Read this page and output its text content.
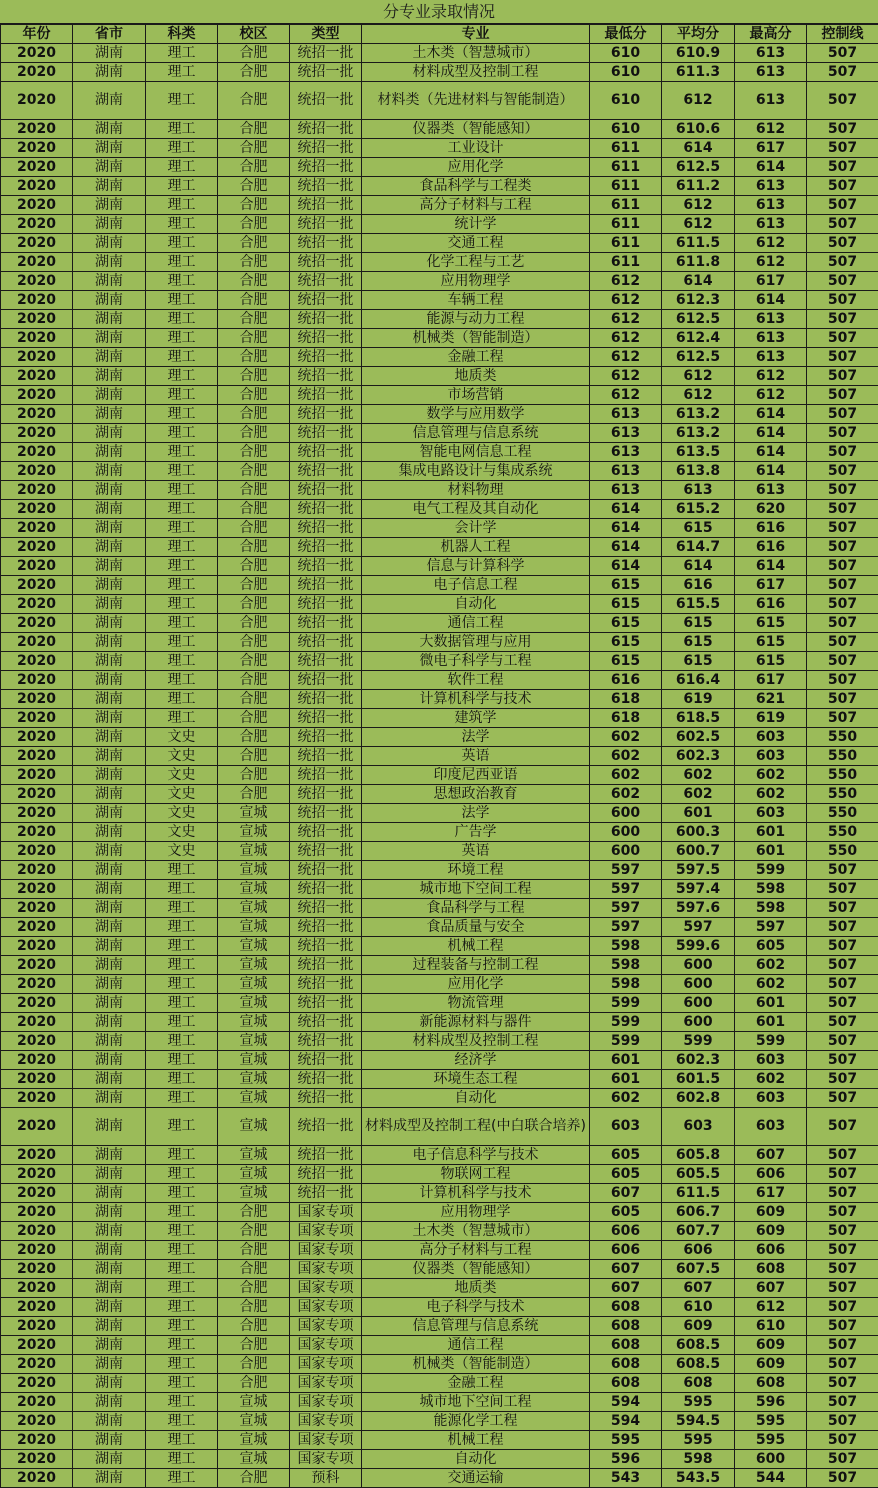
分专业录取情况
年份	省市	科类	校区	类型	专业	最低分	平均分	最高分	控制线
2020	湖南	理工	合肥	统招一批	土木类（智慧城市）	610	610.9	613	507
2020	湖南	理工	合肥	统招一批	材料成型及控制工程	610	611.3	613	507
2020	湖南	理工	合肥	统招一批	材料类（先进材料与智能制造）	610	612	613	507
2020	湖南	理工	合肥	统招一批	仪器类（智能感知）	610	610.6	612	507
2020	湖南	理工	合肥	统招一批	工业设计	611	614	617	507
2020	湖南	理工	合肥	统招一批	应用化学	611	612.5	614	507
2020	湖南	理工	合肥	统招一批	食品科学与工程类	611	611.2	613	507
2020	湖南	理工	合肥	统招一批	高分子材料与工程	611	612	613	507
2020	湖南	理工	合肥	统招一批	统计学	611	612	613	507
2020	湖南	理工	合肥	统招一批	交通工程	611	611.5	612	507
2020	湖南	理工	合肥	统招一批	化学工程与工艺	611	611.8	612	507
2020	湖南	理工	合肥	统招一批	应用物理学	612	614	617	507
2020	湖南	理工	合肥	统招一批	车辆工程	612	612.3	614	507
2020	湖南	理工	合肥	统招一批	能源与动力工程	612	612.5	613	507
2020	湖南	理工	合肥	统招一批	机械类（智能制造）	612	612.4	613	507
2020	湖南	理工	合肥	统招一批	金融工程	612	612.5	613	507
2020	湖南	理工	合肥	统招一批	地质类	612	612	612	507
2020	湖南	理工	合肥	统招一批	市场营销	612	612	612	507
2020	湖南	理工	合肥	统招一批	数学与应用数学	613	613.2	614	507
2020	湖南	理工	合肥	统招一批	信息管理与信息系统	613	613.2	614	507
2020	湖南	理工	合肥	统招一批	智能电网信息工程	613	613.5	614	507
2020	湖南	理工	合肥	统招一批	集成电路设计与集成系统	613	613.8	614	507
2020	湖南	理工	合肥	统招一批	材料物理	613	613	613	507
2020	湖南	理工	合肥	统招一批	电气工程及其自动化	614	615.2	620	507
2020	湖南	理工	合肥	统招一批	会计学	614	615	616	507
2020	湖南	理工	合肥	统招一批	机器人工程	614	614.7	616	507
2020	湖南	理工	合肥	统招一批	信息与计算科学	614	614	614	507
2020	湖南	理工	合肥	统招一批	电子信息工程	615	616	617	507
2020	湖南	理工	合肥	统招一批	自动化	615	615.5	616	507
2020	湖南	理工	合肥	统招一批	通信工程	615	615	615	507
2020	湖南	理工	合肥	统招一批	大数据管理与应用	615	615	615	507
2020	湖南	理工	合肥	统招一批	微电子科学与工程	615	615	615	507
2020	湖南	理工	合肥	统招一批	软件工程	616	616.4	617	507
2020	湖南	理工	合肥	统招一批	计算机科学与技术	618	619	621	507
2020	湖南	理工	合肥	统招一批	建筑学	618	618.5	619	507
2020	湖南	文史	合肥	统招一批	法学	602	602.5	603	550
2020	湖南	文史	合肥	统招一批	英语	602	602.3	603	550
2020	湖南	文史	合肥	统招一批	印度尼西亚语	602	602	602	550
2020	湖南	文史	合肥	统招一批	思想政治教育	602	602	602	550
2020	湖南	文史	宣城	统招一批	法学	600	601	603	550
2020	湖南	文史	宣城	统招一批	广告学	600	600.3	601	550
2020	湖南	文史	宣城	统招一批	英语	600	600.7	601	550
2020	湖南	理工	宣城	统招一批	环境工程	597	597.5	599	507
2020	湖南	理工	宣城	统招一批	城市地下空间工程	597	597.4	598	507
2020	湖南	理工	宣城	统招一批	食品科学与工程	597	597.6	598	507
2020	湖南	理工	宣城	统招一批	食品质量与安全	597	597	597	507
2020	湖南	理工	宣城	统招一批	机械工程	598	599.6	605	507
2020	湖南	理工	宣城	统招一批	过程装备与控制工程	598	600	602	507
2020	湖南	理工	宣城	统招一批	应用化学	598	600	602	507
2020	湖南	理工	宣城	统招一批	物流管理	599	600	601	507
2020	湖南	理工	宣城	统招一批	新能源材料与器件	599	600	601	507
2020	湖南	理工	宣城	统招一批	材料成型及控制工程	599	599	599	507
2020	湖南	理工	宣城	统招一批	经济学	601	602.3	603	507
2020	湖南	理工	宣城	统招一批	环境生态工程	601	601.5	602	507
2020	湖南	理工	宣城	统招一批	自动化	602	602.8	603	507
2020	湖南	理工	宣城	统招一批	材料成型及控制工程(中白联合培养)	603	603	603	507
2020	湖南	理工	宣城	统招一批	电子信息科学与技术	605	605.8	607	507
2020	湖南	理工	宣城	统招一批	物联网工程	605	605.5	606	507
2020	湖南	理工	宣城	统招一批	计算机科学与技术	607	611.5	617	507
2020	湖南	理工	合肥	国家专项	应用物理学	605	606.7	609	507
2020	湖南	理工	合肥	国家专项	土木类（智慧城市）	606	607.7	609	507
2020	湖南	理工	合肥	国家专项	高分子材料与工程	606	606	606	507
2020	湖南	理工	合肥	国家专项	仪器类（智能感知）	607	607.5	608	507
2020	湖南	理工	合肥	国家专项	地质类	607	607	607	507
2020	湖南	理工	合肥	国家专项	电子科学与技术	608	610	612	507
2020	湖南	理工	合肥	国家专项	信息管理与信息系统	608	609	610	507
2020	湖南	理工	合肥	国家专项	通信工程	608	608.5	609	507
2020	湖南	理工	合肥	国家专项	机械类（智能制造）	608	608.5	609	507
2020	湖南	理工	合肥	国家专项	金融工程	608	608	608	507
2020	湖南	理工	宣城	国家专项	城市地下空间工程	594	595	596	507
2020	湖南	理工	宣城	国家专项	能源化学工程	594	594.5	595	507
2020	湖南	理工	宣城	国家专项	机械工程	595	595	595	507
2020	湖南	理工	宣城	国家专项	自动化	596	598	600	507
2020	湖南	理工	合肥	预科	交通运输	543	543.5	544	507
